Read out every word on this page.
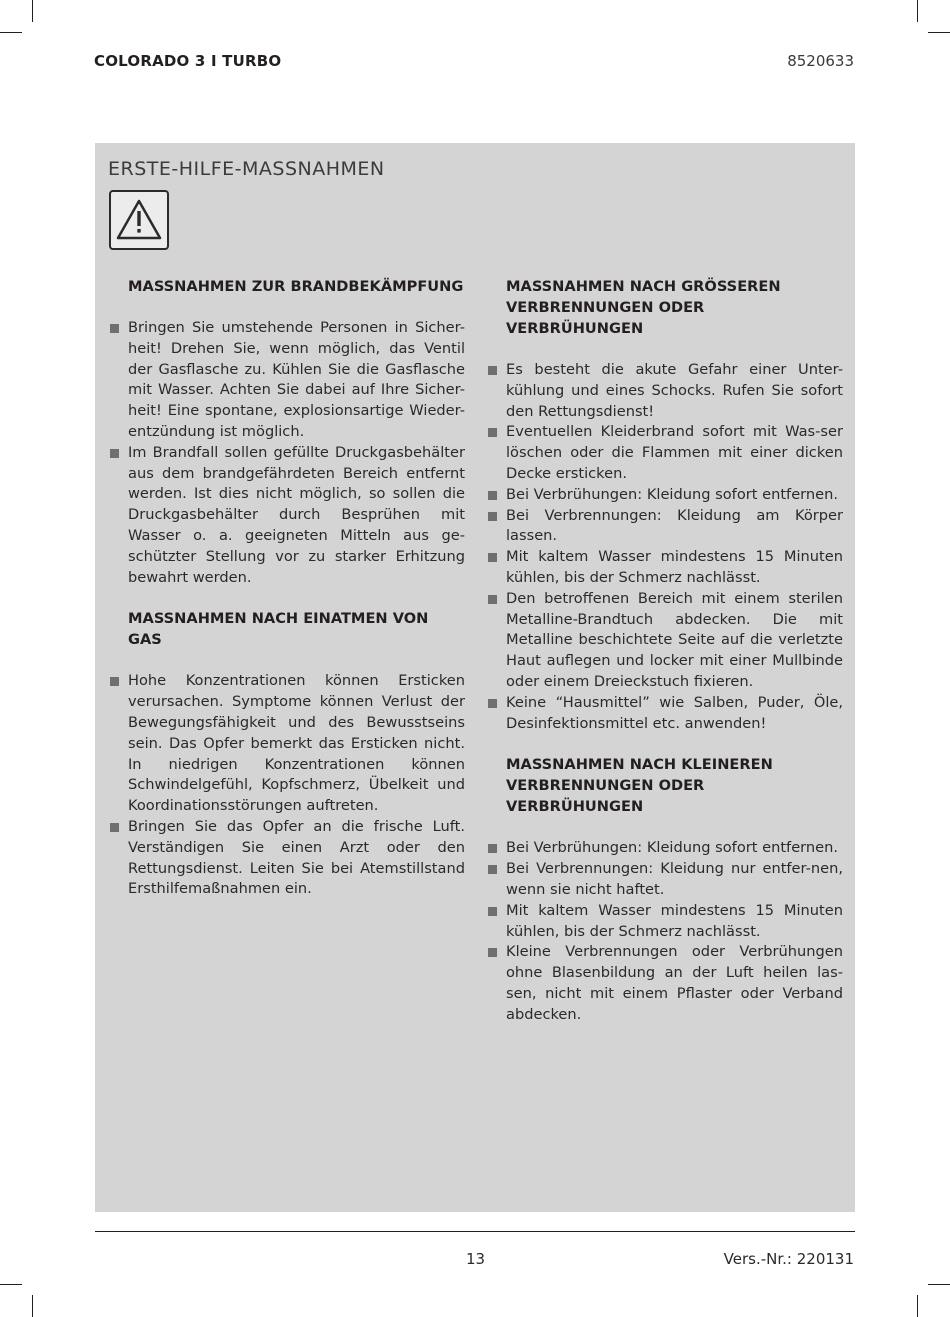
COLORADO 3 I TURBO	8520633
ERSTE-HILFE-MASSNAHMEN
MASSNAHMEN ZUR BRANDBEKÄMPFUNG
Bringen Sie umstehende Personen in Sicher-heit! Drehen Sie, wenn möglich, das Ventil der Gasflasche zu. Kühlen Sie die Gasflasche mit Wasser. Achten Sie dabei auf Ihre Sicher-heit! Eine spontane, explosionsartige Wieder-entzündung ist möglich.
Im Brandfall sollen gefüllte Druckgasbehälter aus dem brandgefährdeten Bereich entfernt werden. Ist dies nicht möglich, so sollen die Druckgasbehälter durch Besprühen mit Wasser o. a. geeigneten Mitteln aus ge-schützter Stellung vor zu starker Erhitzung bewahrt werden.
MASSNAHMEN NACH EINATMEN VON GAS
Hohe Konzentrationen können Ersticken verursachen. Symptome können Verlust der Bewegungsfähigkeit und des Bewusstseins sein. Das Opfer bemerkt das Ersticken nicht. In niedrigen Konzentrationen können Schwindelgefühl, Kopfschmerz, Übelkeit und Koordinationsstörungen auftreten.
Bringen Sie das Opfer an die frische Luft. Verständigen Sie einen Arzt oder den Rettungsdienst. Leiten Sie bei Atemstillstand Ersthilfemaßnahmen ein.
MASSNAHMEN NACH GRÖSSEREN VERBRENNUNGEN ODER VERBRÜHUNGEN
Es besteht die akute Gefahr einer Unter-kühlung und eines Schocks. Rufen Sie sofort den Rettungsdienst!
Eventuellen Kleiderbrand sofort mit Was-ser löschen oder die Flammen mit einer dicken Decke ersticken.
Bei Verbrühungen: Kleidung sofort entfernen.
Bei Verbrennungen: Kleidung am Körper lassen.
Mit kaltem Wasser mindestens 15 Minuten kühlen, bis der Schmerz nachlässt.
Den betroffenen Bereich mit einem sterilen Metalline-Brandtuch abdecken. Die mit Metalline beschichtete Seite auf die verletzte Haut auflegen und locker mit einer Mullbinde oder einem Dreieckstuch fixieren.
Keine “Hausmittel” wie Salben, Puder, Öle, Desinfektionsmittel etc. anwenden!
MASSNAHMEN NACH KLEINEREN VERBRENNUNGEN ODER VERBRÜHUNGEN
Bei Verbrühungen: Kleidung sofort entfernen.
Bei Verbrennungen: Kleidung nur entfer-nen, wenn sie nicht haftet.
Mit kaltem Wasser mindestens 15 Minuten kühlen, bis der Schmerz nachlässt.
Kleine Verbrennungen oder Verbrühungen ohne Blasenbildung an der Luft heilen las-sen, nicht mit einem Pflaster oder Verband abdecken.
13	Vers.-Nr.: 220131
